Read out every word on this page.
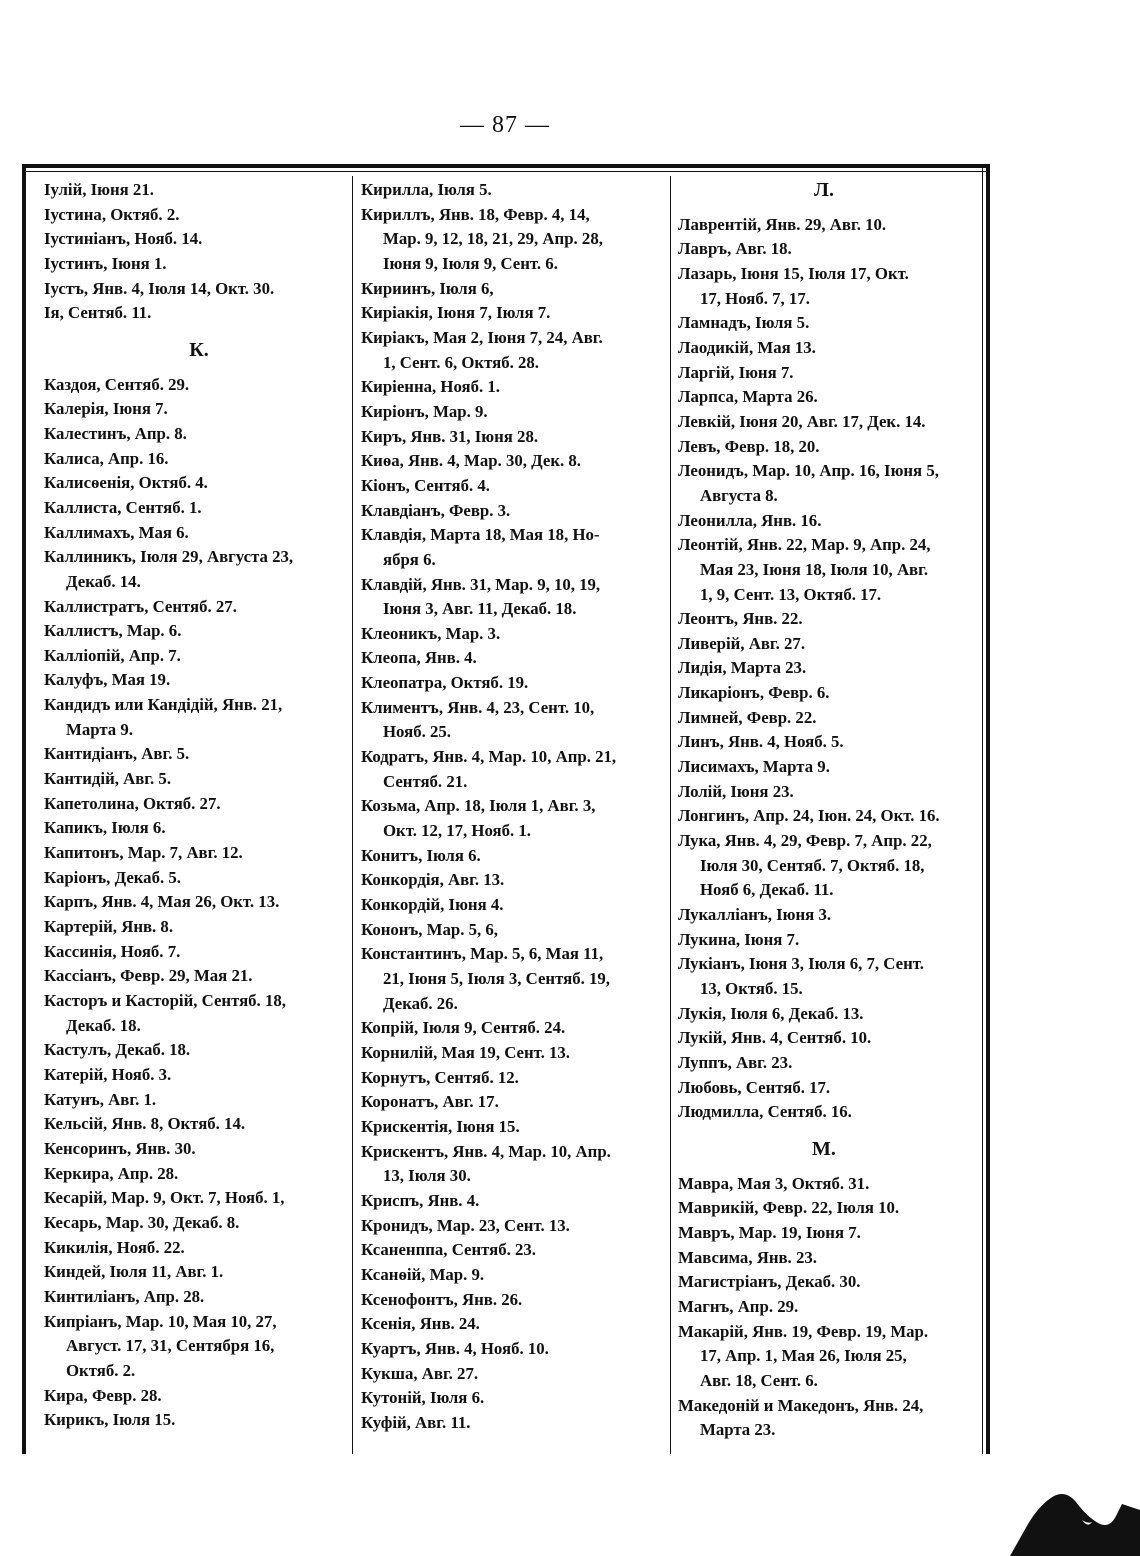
— 87 —
Іулій, Іюня 21.
Іустина, Октяб. 2.
Іустиніанъ, Нояб. 14.
Іустинъ, Іюня 1.
Іустъ, Янв. 4, Іюля 14, Окт. 30.
Ія, Сентяб. 11.
К.
Каздоя, Сентяб. 29.
Калерія, Іюня 7.
Калестинъ, Апр. 8.
Калиса, Апр. 16.
Калисѳенія, Октяб. 4.
Каллиста, Сентяб. 1.
Каллимахъ, Мая 6.
Каллиникъ, Іюля 29, Августа 23,
Декаб. 14.
Каллистратъ, Сентяб. 27.
Каллистъ, Мар. 6.
Калліопій, Апр. 7.
Калуфъ, Мая 19.
Кандидъ или Кандідій, Янв. 21,
Марта 9.
Кантидіанъ, Авг. 5.
Кантидій, Авг. 5.
Капетолина, Октяб. 27.
Капикъ, Іюля 6.
Капитонъ, Мар. 7, Авг. 12.
Каріонъ, Декаб. 5.
Карпъ, Янв. 4, Мая 26, Окт. 13.
Картерій, Янв. 8.
Кассинія, Нояб. 7.
Кассіанъ, Февр. 29, Мая 21.
Касторъ и Касторій, Сентяб. 18,
Декаб. 18.
Кастулъ, Декаб. 18.
Катерій, Нояб. 3.
Катунъ, Авг. 1.
Кельсій, Янв. 8, Октяб. 14.
Кенсоринъ, Янв. 30.
Керкира, Апр. 28.
Кесарій, Мар. 9, Окт. 7, Нояб. 1,
Кесарь, Мар. 30, Декаб. 8.
Кикилія, Нояб. 22.
Киндей, Іюля 11, Авг. 1.
Кинтиліанъ, Апр. 28.
Кипріанъ, Мар. 10, Мая 10, 27,
Август. 17, 31, Сентября 16,
Октяб. 2.
Кира, Февр. 28.
Кирикъ, Іюля 15.
Кирилла, Іюля 5.
Кириллъ, Янв. 18, Февр. 4, 14,
Мар. 9, 12, 18, 21, 29, Апр. 28,
Іюня 9, Іюля 9, Сент. 6.
Кириинъ, Іюля 6,
Киріакія, Іюня 7, Іюля 7.
Киріакъ, Мая 2, Іюня 7, 24, Авг.
1, Сент. 6, Октяб. 28.
Киріенна, Нояб. 1.
Киріонъ, Мар. 9.
Киръ, Янв. 31, Іюня 28.
Киѳа, Янв. 4, Мар. 30, Дек. 8.
Кіонъ, Сентяб. 4.
Клавдіанъ, Февр. 3.
Клавдія, Марта 18, Мая 18, Но-
ября 6.
Клавдій, Янв. 31, Мар. 9, 10, 19,
Іюня 3, Авг. 11, Декаб. 18.
Клеоникъ, Мар. 3.
Клеопа, Янв. 4.
Клеопатра, Октяб. 19.
Климентъ, Янв. 4, 23, Сент. 10,
Нояб. 25.
Кодратъ, Янв. 4, Мар. 10, Апр. 21,
Сентяб. 21.
Козьма, Апр. 18, Іюля 1, Авг. 3,
Окт. 12, 17, Нояб. 1.
Конитъ, Іюля 6.
Конкордія, Авг. 13.
Конкордій, Іюня 4.
Кононъ, Мар. 5, 6,
Константинъ, Мар. 5, 6, Мая 11,
21, Іюня 5, Іюля 3, Сентяб. 19,
Декаб. 26.
Копрій, Іюля 9, Сентяб. 24.
Корнилій, Мая 19, Сент. 13.
Корнутъ, Сентяб. 12.
Коронатъ, Авг. 17.
Крискентія, Іюня 15.
Крискентъ, Янв. 4, Мар. 10, Апр.
13, Іюля 30.
Криспъ, Янв. 4.
Кронидъ, Мар. 23, Сент. 13.
Ксаненппа, Сентяб. 23.
Ксанѳій, Мар. 9.
Ксенофонтъ, Янв. 26.
Ксенія, Янв. 24.
Куартъ, Янв. 4, Нояб. 10.
Кукша, Авг. 27.
Кутоній, Іюля 6.
Куфій, Авг. 11.
Л.
Лаврентій, Янв. 29, Авг. 10.
Лавръ, Авг. 18.
Лазарь, Іюня 15, Іюля 17, Окт.
17, Нояб. 7, 17.
Ламнадъ, Іюля 5.
Лаодикій, Мая 13.
Ларгій, Іюня 7.
Ларпса, Марта 26.
Левкій, Іюня 20, Авг. 17, Дек. 14.
Левъ, Февр. 18, 20.
Леонидъ, Мар. 10, Апр. 16, Іюня 5,
Августа 8.
Леонилла, Янв. 16.
Леонтій, Янв. 22, Мар. 9, Апр. 24,
Мая 23, Іюня 18, Іюля 10, Авг.
1, 9, Сент. 13, Октяб. 17.
Леонтъ, Янв. 22.
Ливерій, Авг. 27.
Лидія, Марта 23.
Ликаріонъ, Февр. 6.
Лимней, Февр. 22.
Линъ, Янв. 4, Нояб. 5.
Лисимахъ, Марта 9.
Лолій, Іюня 23.
Лонгинъ, Апр. 24, Іюн. 24, Окт. 16.
Лука, Янв. 4, 29, Февр. 7, Апр. 22,
Іюля 30, Сентяб. 7, Октяб. 18,
Нояб 6, Декаб. 11.
Лукалліанъ, Іюня 3.
Лукина, Іюня 7.
Лукіанъ, Іюня 3, Іюля 6, 7, Сент.
13, Октяб. 15.
Лукія, Іюля 6, Декаб. 13.
Лукій, Янв. 4, Сентяб. 10.
Луппъ, Авг. 23.
Любовь, Сентяб. 17.
Людмилла, Сентяб. 16.
М.
Мавра, Мая 3, Октяб. 31.
Маврикій, Февр. 22, Іюля 10.
Мавръ, Мар. 19, Іюня 7.
Мавсима, Янв. 23.
Магистріанъ, Декаб. 30.
Магнъ, Апр. 29.
Макарій, Янв. 19, Февр. 19, Мар.
17, Апр. 1, Мая 26, Іюля 25,
Авг. 18, Сент. 6.
Македоній и Македонъ, Янв. 24,
Марта 23.
